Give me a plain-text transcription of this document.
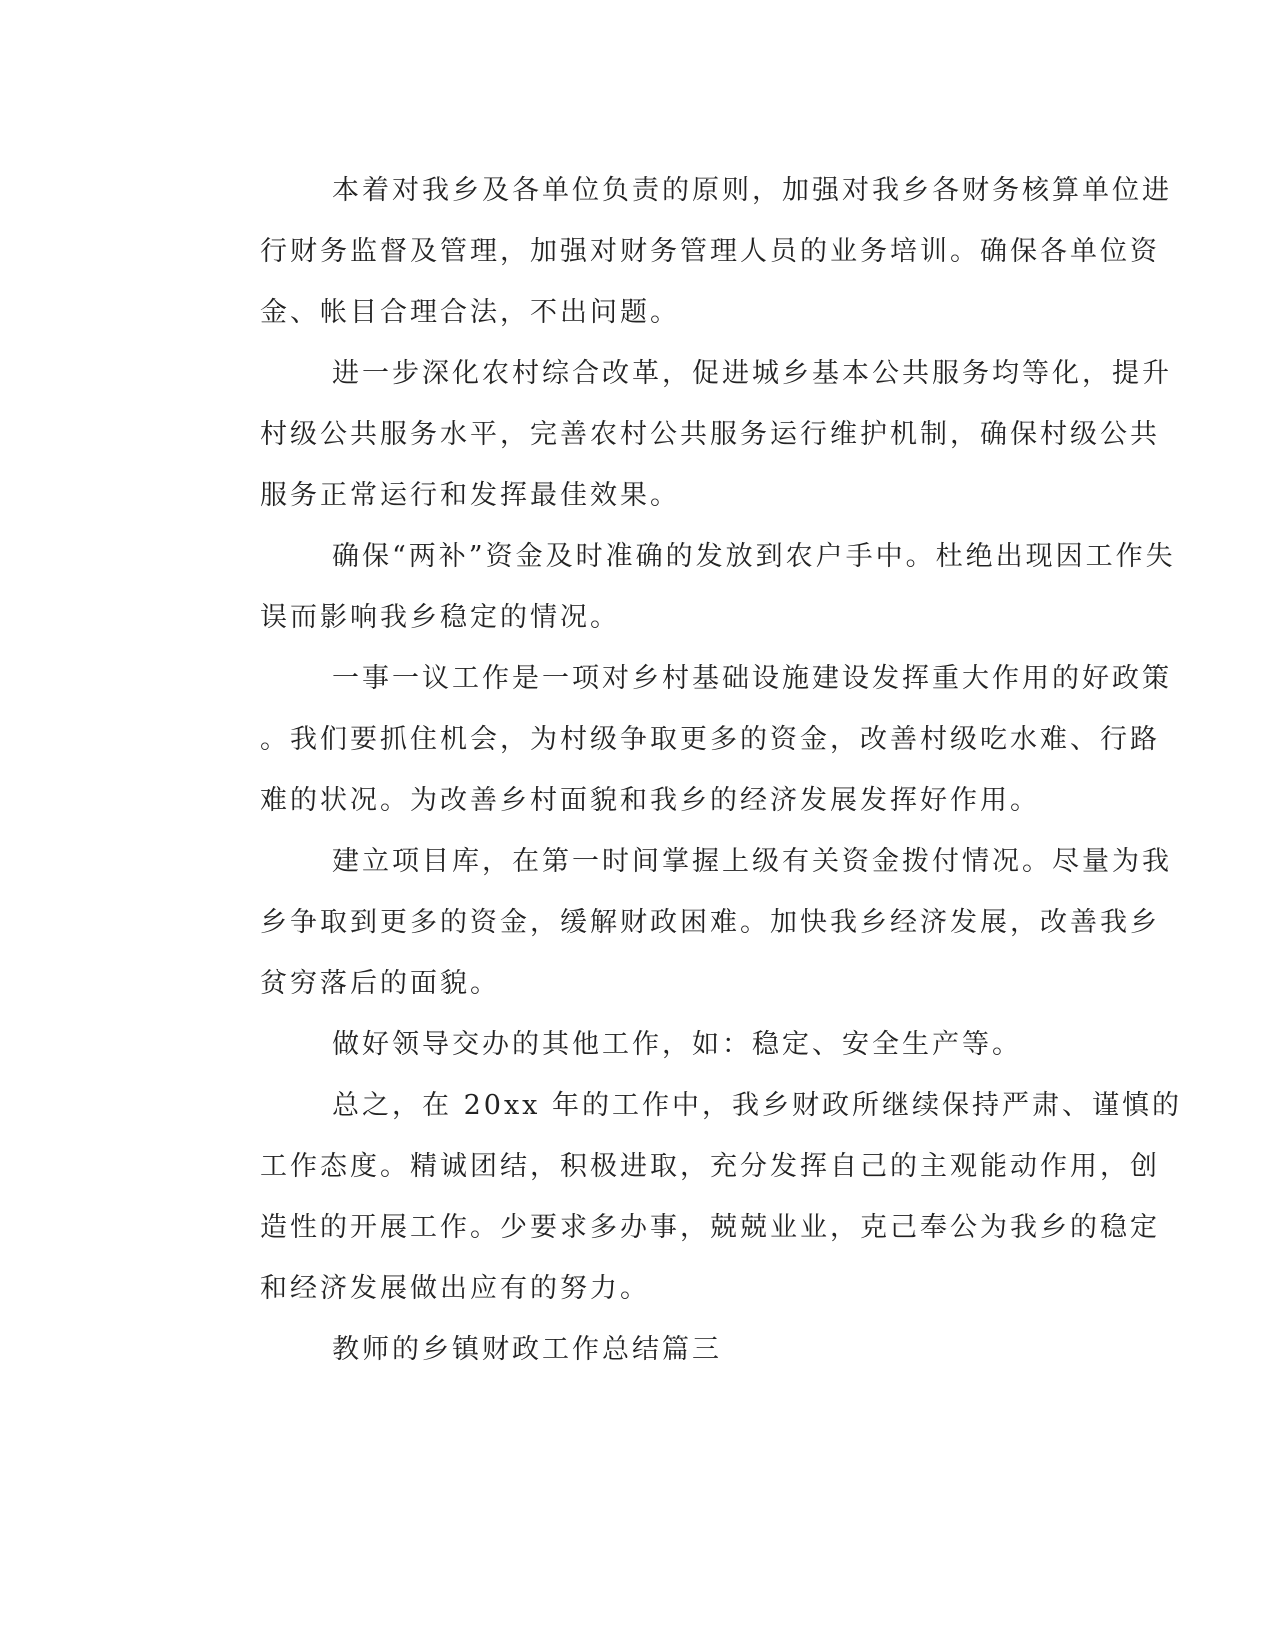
本着对我乡及各单位负责的原则，加强对我乡各财务核算单位进
行财务监督及管理，加强对财务管理人员的业务培训。确保各单位资
金、帐目合理合法，不出问题。
进一步深化农村综合改革，促进城乡基本公共服务均等化，提升
村级公共服务水平，完善农村公共服务运行维护机制，确保村级公共
服务正常运行和发挥最佳效果。
确保“两补”资金及时准确的发放到农户手中。杜绝出现因工作失
误而影响我乡稳定的情况。
一事一议工作是一项对乡村基础设施建设发挥重大作用的好政策
。我们要抓住机会，为村级争取更多的资金，改善村级吃水难、行路
难的状况。为改善乡村面貌和我乡的经济发展发挥好作用。
建立项目库，在第一时间掌握上级有关资金拨付情况。尽量为我
乡争取到更多的资金，缓解财政困难。加快我乡经济发展，改善我乡
贫穷落后的面貌。
做好领导交办的其他工作，如：稳定、安全生产等。
总之，在 20xx 年的工作中，我乡财政所继续保持严肃、谨慎的
工作态度。精诚团结，积极进取，充分发挥自己的主观能动作用，创
造性的开展工作。少要求多办事，兢兢业业，克己奉公为我乡的稳定
和经济发展做出应有的努力。
教师的乡镇财政工作总结篇三
